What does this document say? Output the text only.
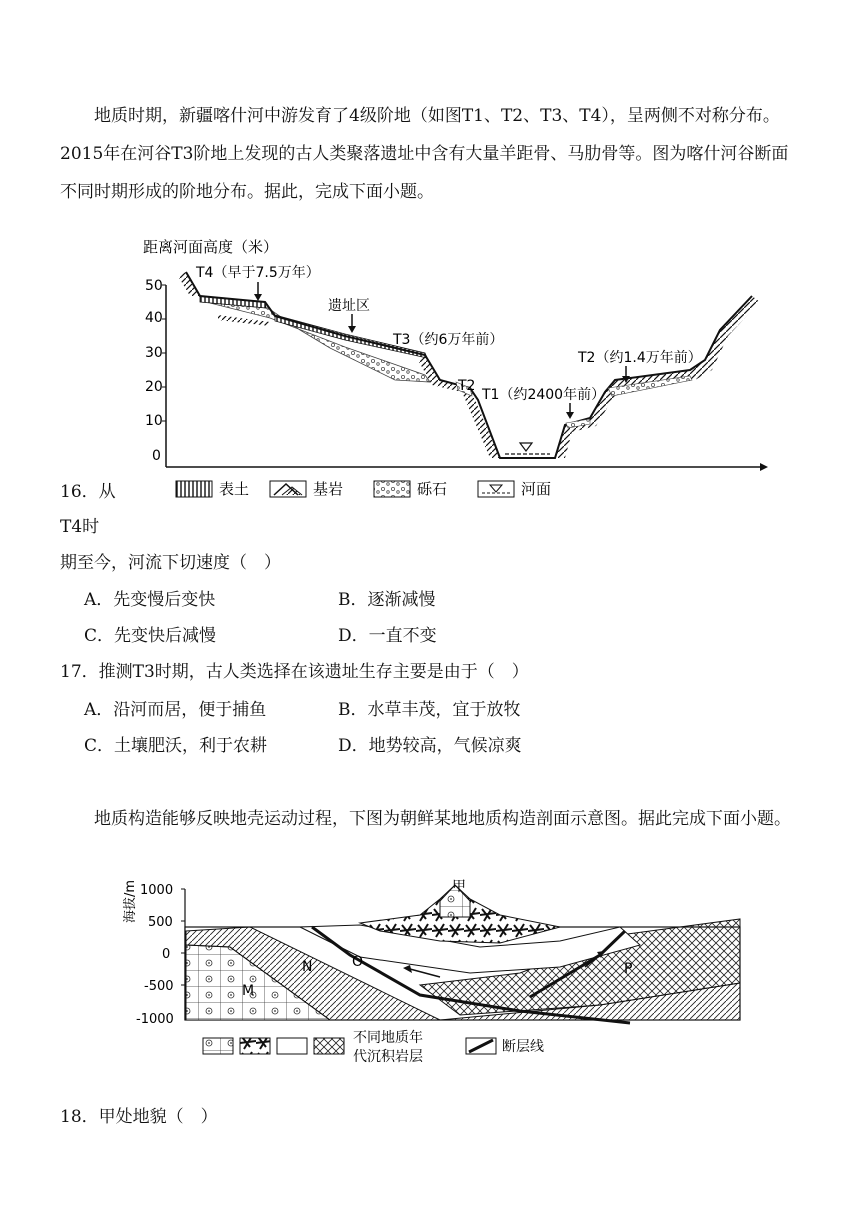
地质时期，新疆喀什河中游发育了4级阶地（如图T1、T2、T3、T4），呈两侧不对称分布。2015年在河谷T3阶地上发现的古人类聚落遗址中含有大量羊距骨、马肋骨等。图为喀什河谷断面不同时期形成的阶地分布。据此，完成下面小题。

距离河面高度（米）
50
40
30
20
10
0
T4（早于7.5万年）
遗址区
T3（约6万年前）
T2
T1（约2400年前）
T2（约1.4万年前）
表土	基岩	砾石	河面

16．从

T4时

期至今，河流下切速度（　）

A．先变慢后变快	B．逐渐减慢
C．先变快后减慢	D．一直不变

17．推测T3时期，古人类选择在该遗址生存主要是由于（　）

A．沿河而居，便于捕鱼	B．水草丰茂，宜于放牧
C．土壤肥沃，利于农耕	D．地势较高，气候凉爽

地质构造能够反映地壳运动过程，下图为朝鲜某地地质构造剖面示意图。据此完成下面小题。

海拔/m 1000
500
0
-500
-1000
甲
N	O
M
P
不同地质年
代沉积岩层
断层线

18．甲处地貌（　）
